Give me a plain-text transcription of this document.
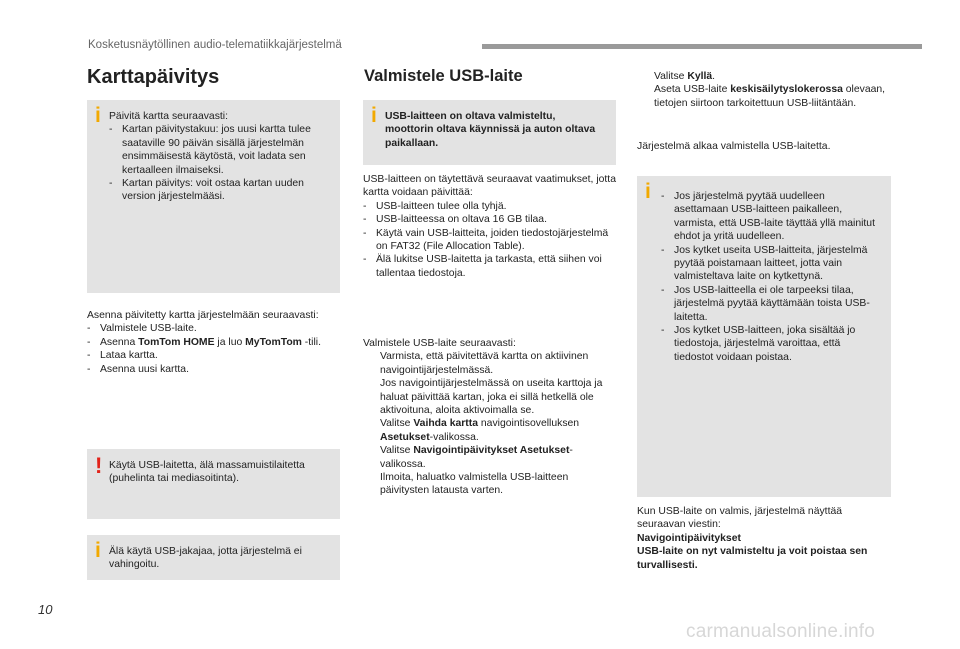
Kosketusnäytöllinen audio-telematiikkajärjestelmä
Karttapäivitys
i Päivitä kartta seuraavasti:
- Kartan päivitystakuu: jos uusi kartta tulee saataville 90 päivän sisällä järjestelmän ensimmäisestä käytöstä, voit ladata sen kertaalleen ilmaiseksi.
- Kartan päivitys: voit ostaa kartan uuden version järjestelmääsi.
Asenna päivitetty kartta järjestelmään seuraavasti:
- Valmistele USB-laite.
- Asenna TomTom HOME ja luo MyTomTom -tili.
- Lataa kartta.
- Asenna uusi kartta.
! Käytä USB-laitetta, älä massamuistilaitetta (puhelinta tai mediasoitinta).
i Älä käytä USB-jakajaa, jotta järjestelmä ei vahingoitu.
Valmistele USB-laite
i USB-laitteen on oltava valmisteltu, moottorin oltava käynnissä ja auton oltava paikallaan.
USB-laitteen on täytettävä seuraavat vaatimukset, jotta kartta voidaan päivittää:
- USB-laitteen tulee olla tyhjä.
- USB-laitteessa on oltava 16 GB tilaa.
- Käytä vain USB-laitteita, joiden tiedostojärjestelmä on FAT32 (File Allocation Table).
- Älä lukitse USB-laitetta ja tarkasta, että siihen voi tallentaa tiedostoja.
Valmistele USB-laite seuraavasti:
Varmista, että päivitettävä kartta on aktiivinen navigointijärjestelmässä.
Jos navigointijärjestelmässä on useita karttoja ja haluat päivittää kartan, joka ei sillä hetkellä ole aktivoituna, aloita aktivoimalla se.
Valitse Vaihda kartta navigointisovelluksen Asetukset-valikossa.
Valitse Navigointipäivitykset Asetukset-valikossa.
Ilmoita, haluatko valmistella USB-laitteen päivitysten latausta varten.
Valitse Kyllä.
Aseta USB-laite keskisäilytyslokerossa olevaan, tietojen siirtoon tarkoitettuun USB-liitäntään.
Järjestelmä alkaa valmistella USB-laitetta.
i - Jos järjestelmä pyytää uudelleen asettamaan USB-laitteen paikalleen, varmista, että USB-laite täyttää yllä mainitut ehdot ja yritä uudelleen.
- Jos kytket useita USB-laitteita, järjestelmä pyytää poistamaan laitteet, jotta vain valmisteltava laite on kytkettynä.
- Jos USB-laitteella ei ole tarpeeksi tilaa, järjestelmä pyytää käyttämään toista USB-laitetta.
- Jos kytket USB-laitteen, joka sisältää jo tiedostoja, järjestelmä varoittaa, että tiedostot voidaan poistaa.
Kun USB-laite on valmis, järjestelmä näyttää seuraavan viestin:
Navigointipäivitykset
USB-laite on nyt valmisteltu ja voit poistaa sen turvallisesti.
10
carmanualsonline.info
